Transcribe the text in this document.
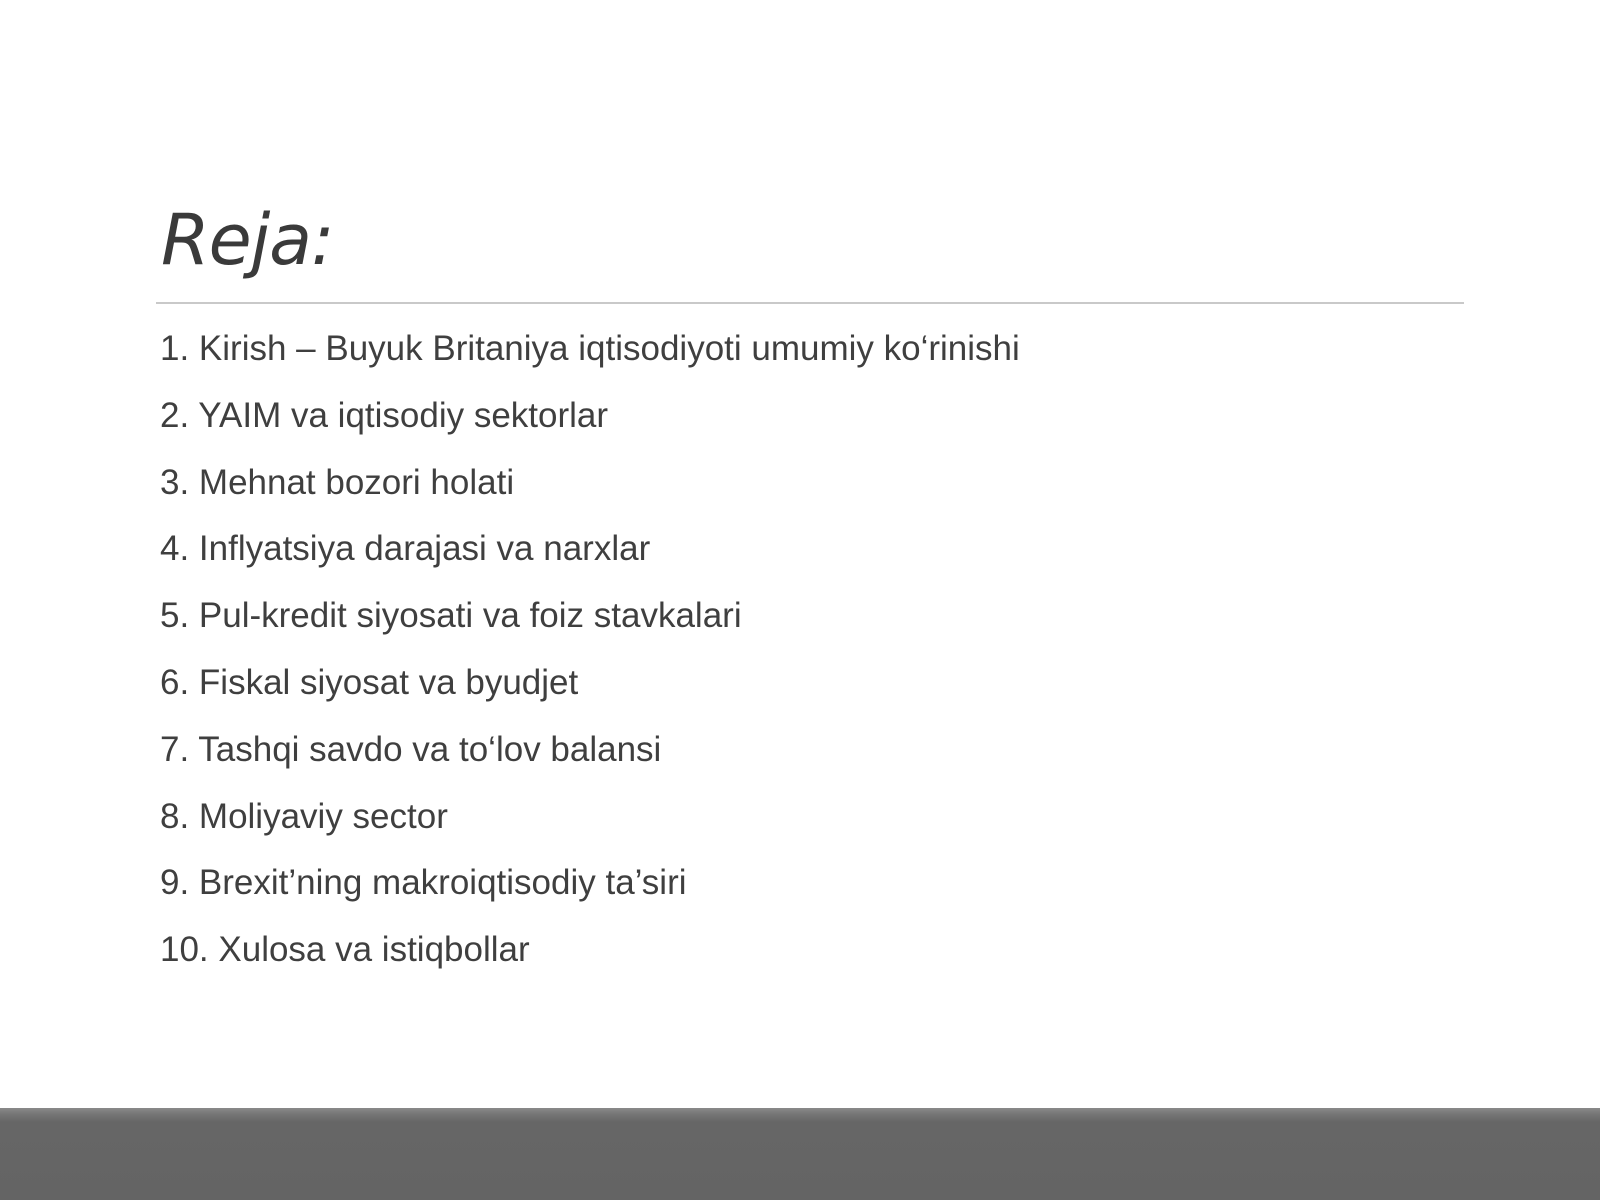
Reja:
1. Kirish – Buyuk Britaniya iqtisodiyoti umumiy ko‘rinishi
2. YAIM va iqtisodiy sektorlar
3. Mehnat bozori holati
4. Inflyatsiya darajasi va narxlar
5. Pul-kredit siyosati va foiz stavkalari
6. Fiskal siyosat va byudjet
7. Tashqi savdo va to‘lov balansi
8. Moliyaviy sector
9. Brexit’ning makroiqtisodiy ta’siri
10. Xulosa va istiqbollar
